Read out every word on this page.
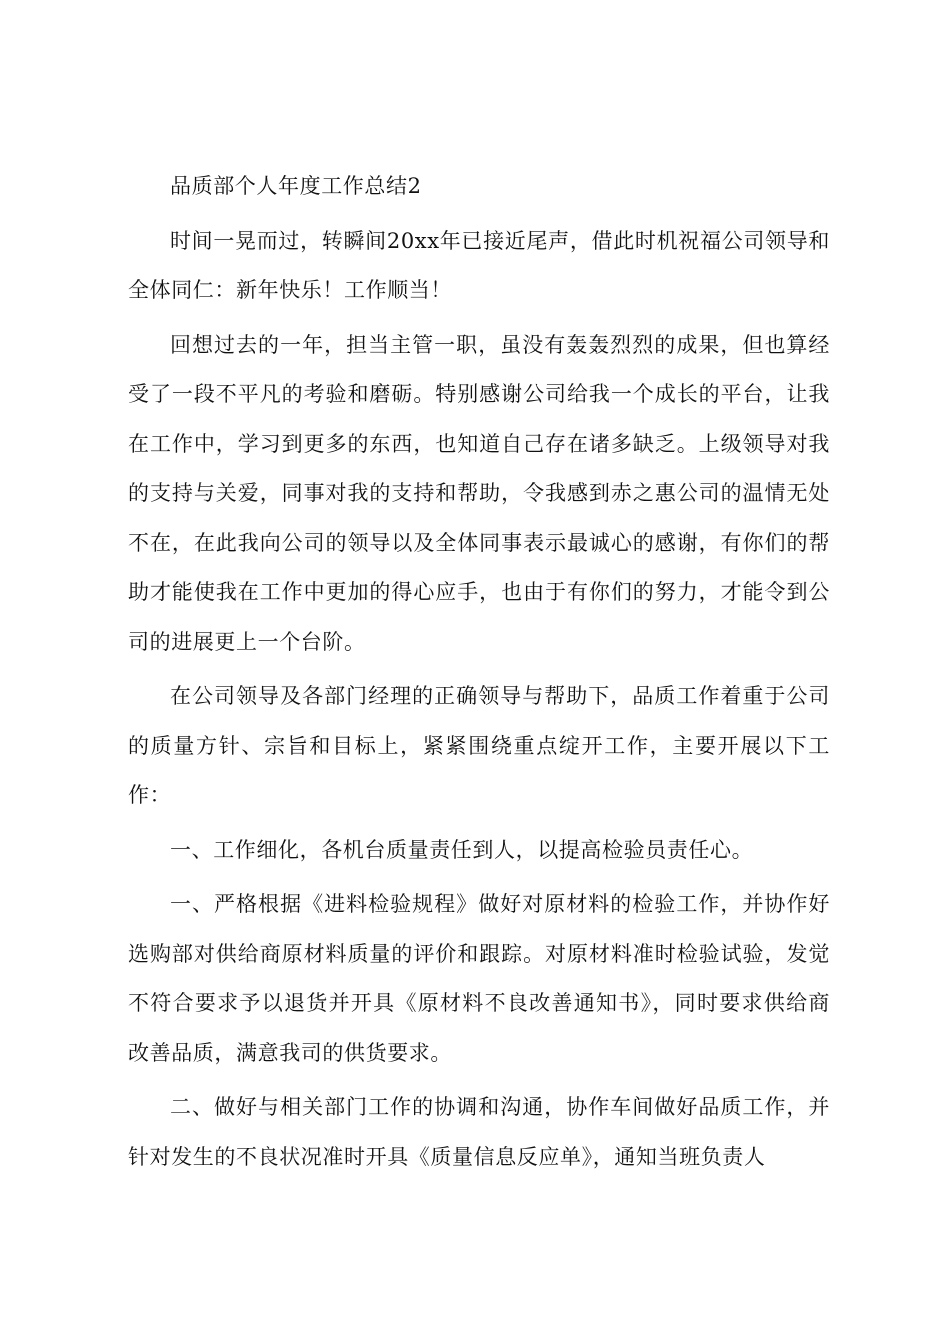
品质部个人年度工作总结2

时间一晃而过，转瞬间20xx年已接近尾声，借此时机祝福公司领导和全体同仁：新年快乐！工作顺当！

回想过去的一年，担当主管一职，虽没有轰轰烈烈的成果，但也算经受了一段不平凡的考验和磨砺。特别感谢公司给我一个成长的平台，让我在工作中，学习到更多的东西，也知道自己存在诸多缺乏。上级领导对我的支持与关爱，同事对我的支持和帮助，令我感到赤之惠公司的温情无处不在，在此我向公司的领导以及全体同事表示最诚心的感谢，有你们的帮助才能使我在工作中更加的得心应手，也由于有你们的努力，才能令到公司的进展更上一个台阶。

在公司领导及各部门经理的正确领导与帮助下，品质工作着重于公司的质量方针、宗旨和目标上，紧紧围绕重点绽开工作，主要开展以下工作：

一、工作细化，各机台质量责任到人，以提高检验员责任心。

一、严格根据《进料检验规程》做好对原材料的检验工作，并协作好选购部对供给商原材料质量的评价和跟踪。对原材料准时检验试验，发觉不符合要求予以退货并开具《原材料不良改善通知书》，同时要求供给商改善品质，满意我司的供货要求。

二、做好与相关部门工作的协调和沟通，协作车间做好品质工作，并针对发生的不良状况准时开具《质量信息反应单》，通知当班负责人
